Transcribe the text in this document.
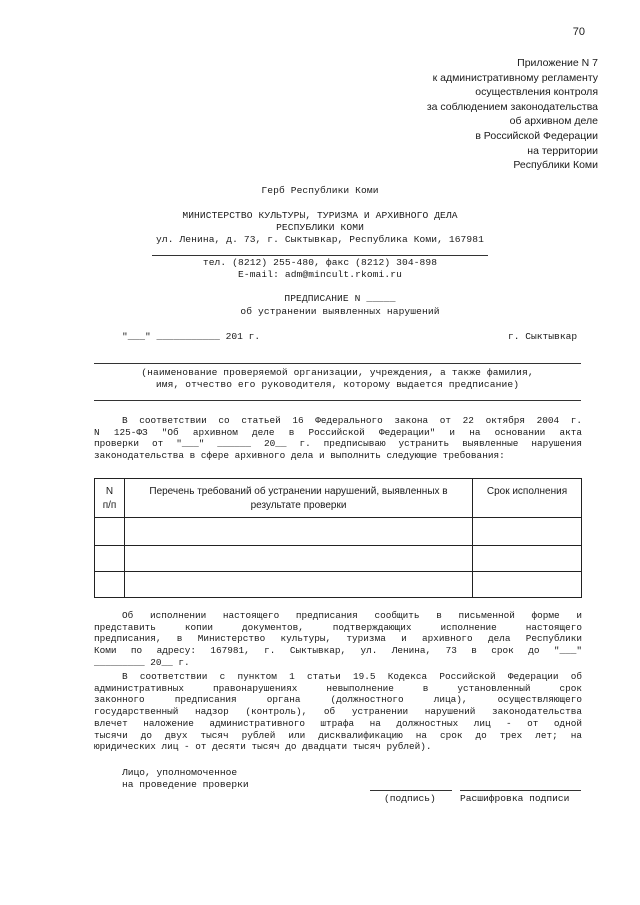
70
Приложение N 7
к административному регламенту
осуществления контроля
за соблюдением законодательства
об архивном деле
в Российской Федерации
на территории
Республики Коми
Герб Республики Коми
МИНИСТЕРСТВО КУЛЬТУРЫ, ТУРИЗМА И АРХИВНОГО ДЕЛА
РЕСПУБЛИКИ КОМИ
ул. Ленина, д. 73, г. Сыктывкар, Республика Коми, 167981
тел. (8212) 255-480, факс (8212) 304-898
E-mail: adm@mincult.rkomi.ru
ПРЕДПИСАНИЕ N _____
об устранении выявленных нарушений
"___" ___________ 201 г.	г. Сыктывкар
(наименование проверяемой организации, учреждения, а также фамилия,
имя, отчество его руководителя, которому выдается предписание)
В соответствии со статьей 16 Федерального закона от 22 октября 2004 г.
N 125-ФЗ "Об архивном деле в Российской Федерации" и на основании акта
проверки от "___" ______ 20__ г. предписываю устранить выявленные нарушения
законодательства в сфере архивного дела и выполнить следующие требования:
N
п/п	Перечень требований об устранении нарушений, выявленных в результате проверки	Срок исполнения

Об исполнении настоящего предписания сообщить в письменной форме и
представить копии документов, подтверждающих исполнение настоящего
предписания, в Министерство культуры, туризма и архивного дела Республики
Коми по адресу: 167981, г. Сыктывкар, ул. Ленина, 73 в срок до "___"
_________ 20__ г.
В соответствии с пунктом 1 статьи 19.5 Кодекса Российской Федерации об
административных правонарушениях невыполнение в установленный срок
законного предписания органа (должностного лица), осуществляющего
государственный надзор (контроль), об устранении нарушений законодательства
влечет наложение административного штрафа на должностных лиц - от одной
тысячи до двух тысяч рублей или дисквалификацию на срок до трех лет; на
юридических лиц - от десяти тысяч до двадцати тысяч рублей).
Лицо, уполномоченное
на проведение проверки
(подпись)	Расшифровка подписи
